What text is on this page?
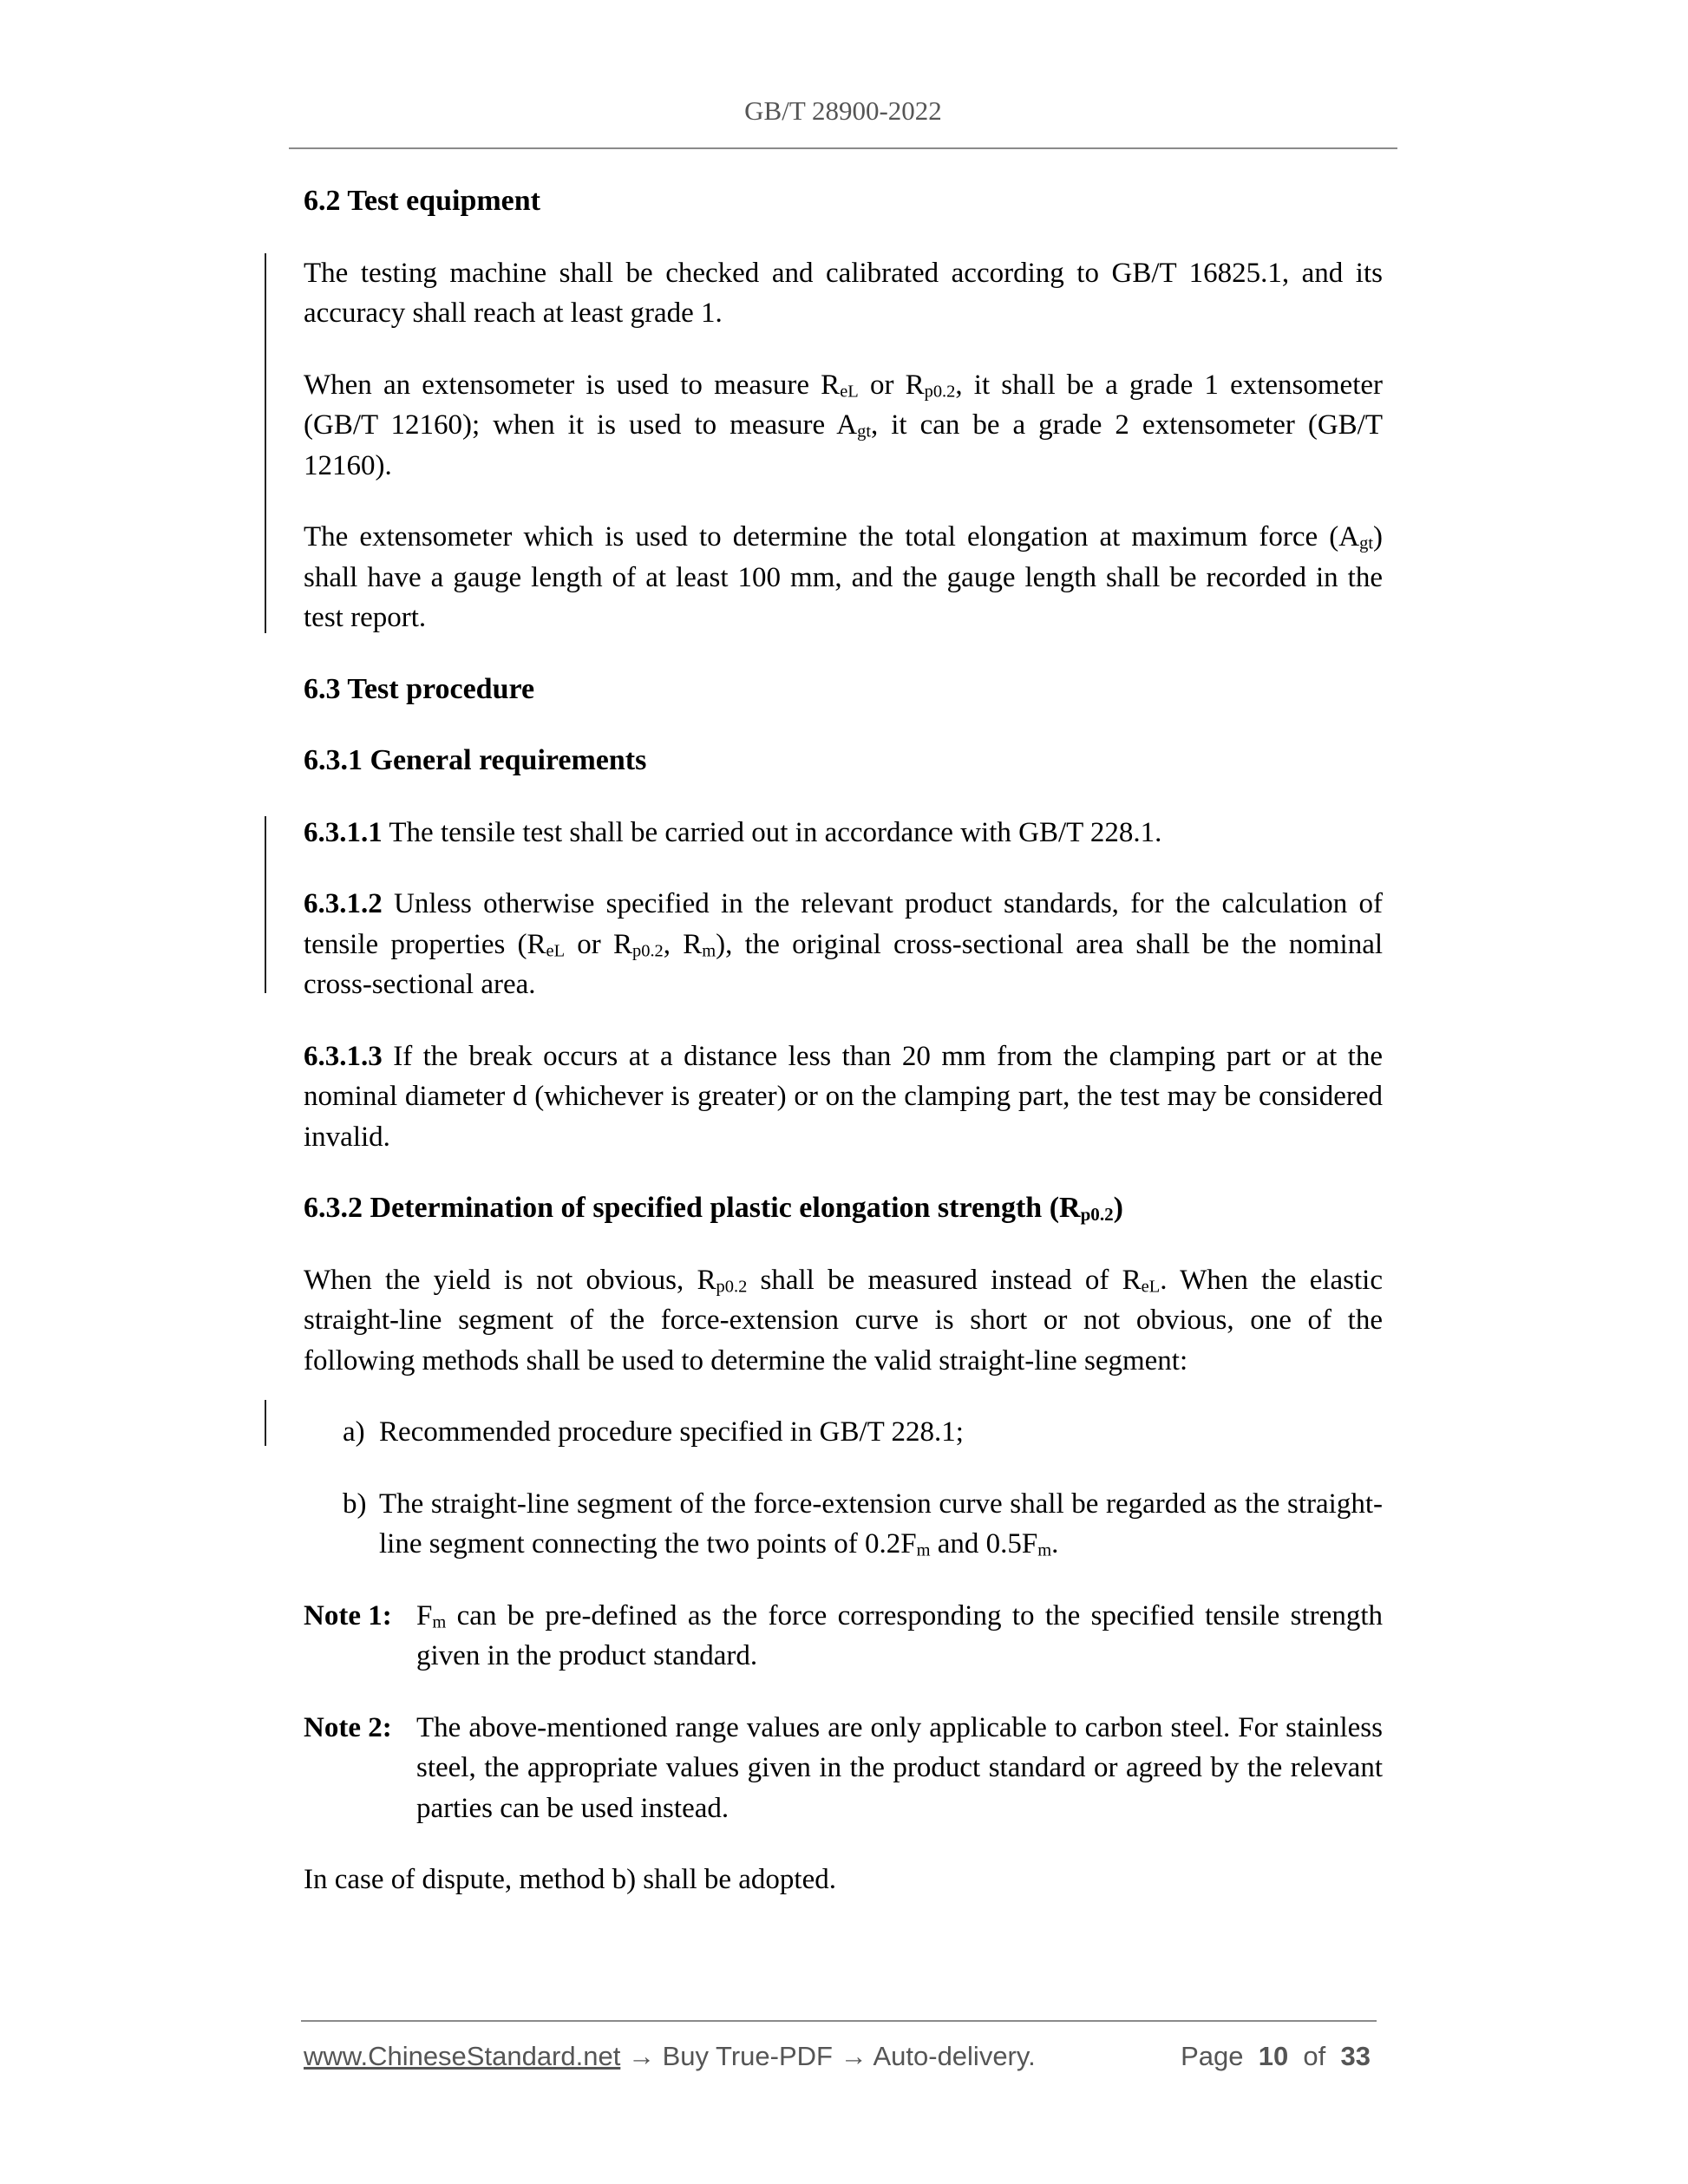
GB/T 28900-2022
6.2 Test equipment

The testing machine shall be checked and calibrated according to GB/T 16825.1, and its accuracy shall reach at least grade 1.

When an extensometer is used to measure $R_{eL}$ or $R_{p0.2}$, it shall be a grade 1 extensometer (GB/T 12160); when it is used to measure $A_{gt}$, it can be a grade 2 extensometer (GB/T 12160).

The extensometer which is used to determine the total elongation at maximum force $(A_{gt})$ shall have a gauge length of at least 100 mm, and the gauge length shall be recorded in the test report.

6.3 Test procedure
6.3.1 General requirements

6.3.1.1 The tensile test shall be carried out in accordance with GB/T 228.1.

6.3.1.2 Unless otherwise specified in the relevant product standards, for the calculation of tensile properties ($R_{eL}$ or $R_{p0.2}$, $R_m$), the original cross-sectional area shall be the nominal cross-sectional area.

6.3.1.3 If the break occurs at a distance less than 20 mm from the clamping part or at the nominal diameter d (whichever is greater) or on the clamping part, the test may be considered invalid.

6.3.2 Determination of specified plastic elongation strength $(R_{p0.2})$

When the yield is not obvious, $R_{p0.2}$ shall be measured instead of $R_{eL}$. When the elastic straight-line segment of the force-extension curve is short or not obvious, one of the following methods shall be used to determine the valid straight-line segment:

a) Recommended procedure specified in GB/T 228.1;
b) The straight-line segment of the force-extension curve shall be regarded as the straight-line segment connecting the two points of $0.2F_m$ and $0.5F_m$.
Note 1: $F_m$ can be pre-defined as the force corresponding to the specified tensile strength given in the product standard.
Note 2: The above-mentioned range values are only applicable to carbon steel. For stainless steel, the appropriate values given in the product standard or agreed by the relevant parties can be used instead.

In case of dispute, method b) shall be adopted.

www.ChineseStandard.net → Buy True-PDF → Auto-delivery.	Page 10 of 33
